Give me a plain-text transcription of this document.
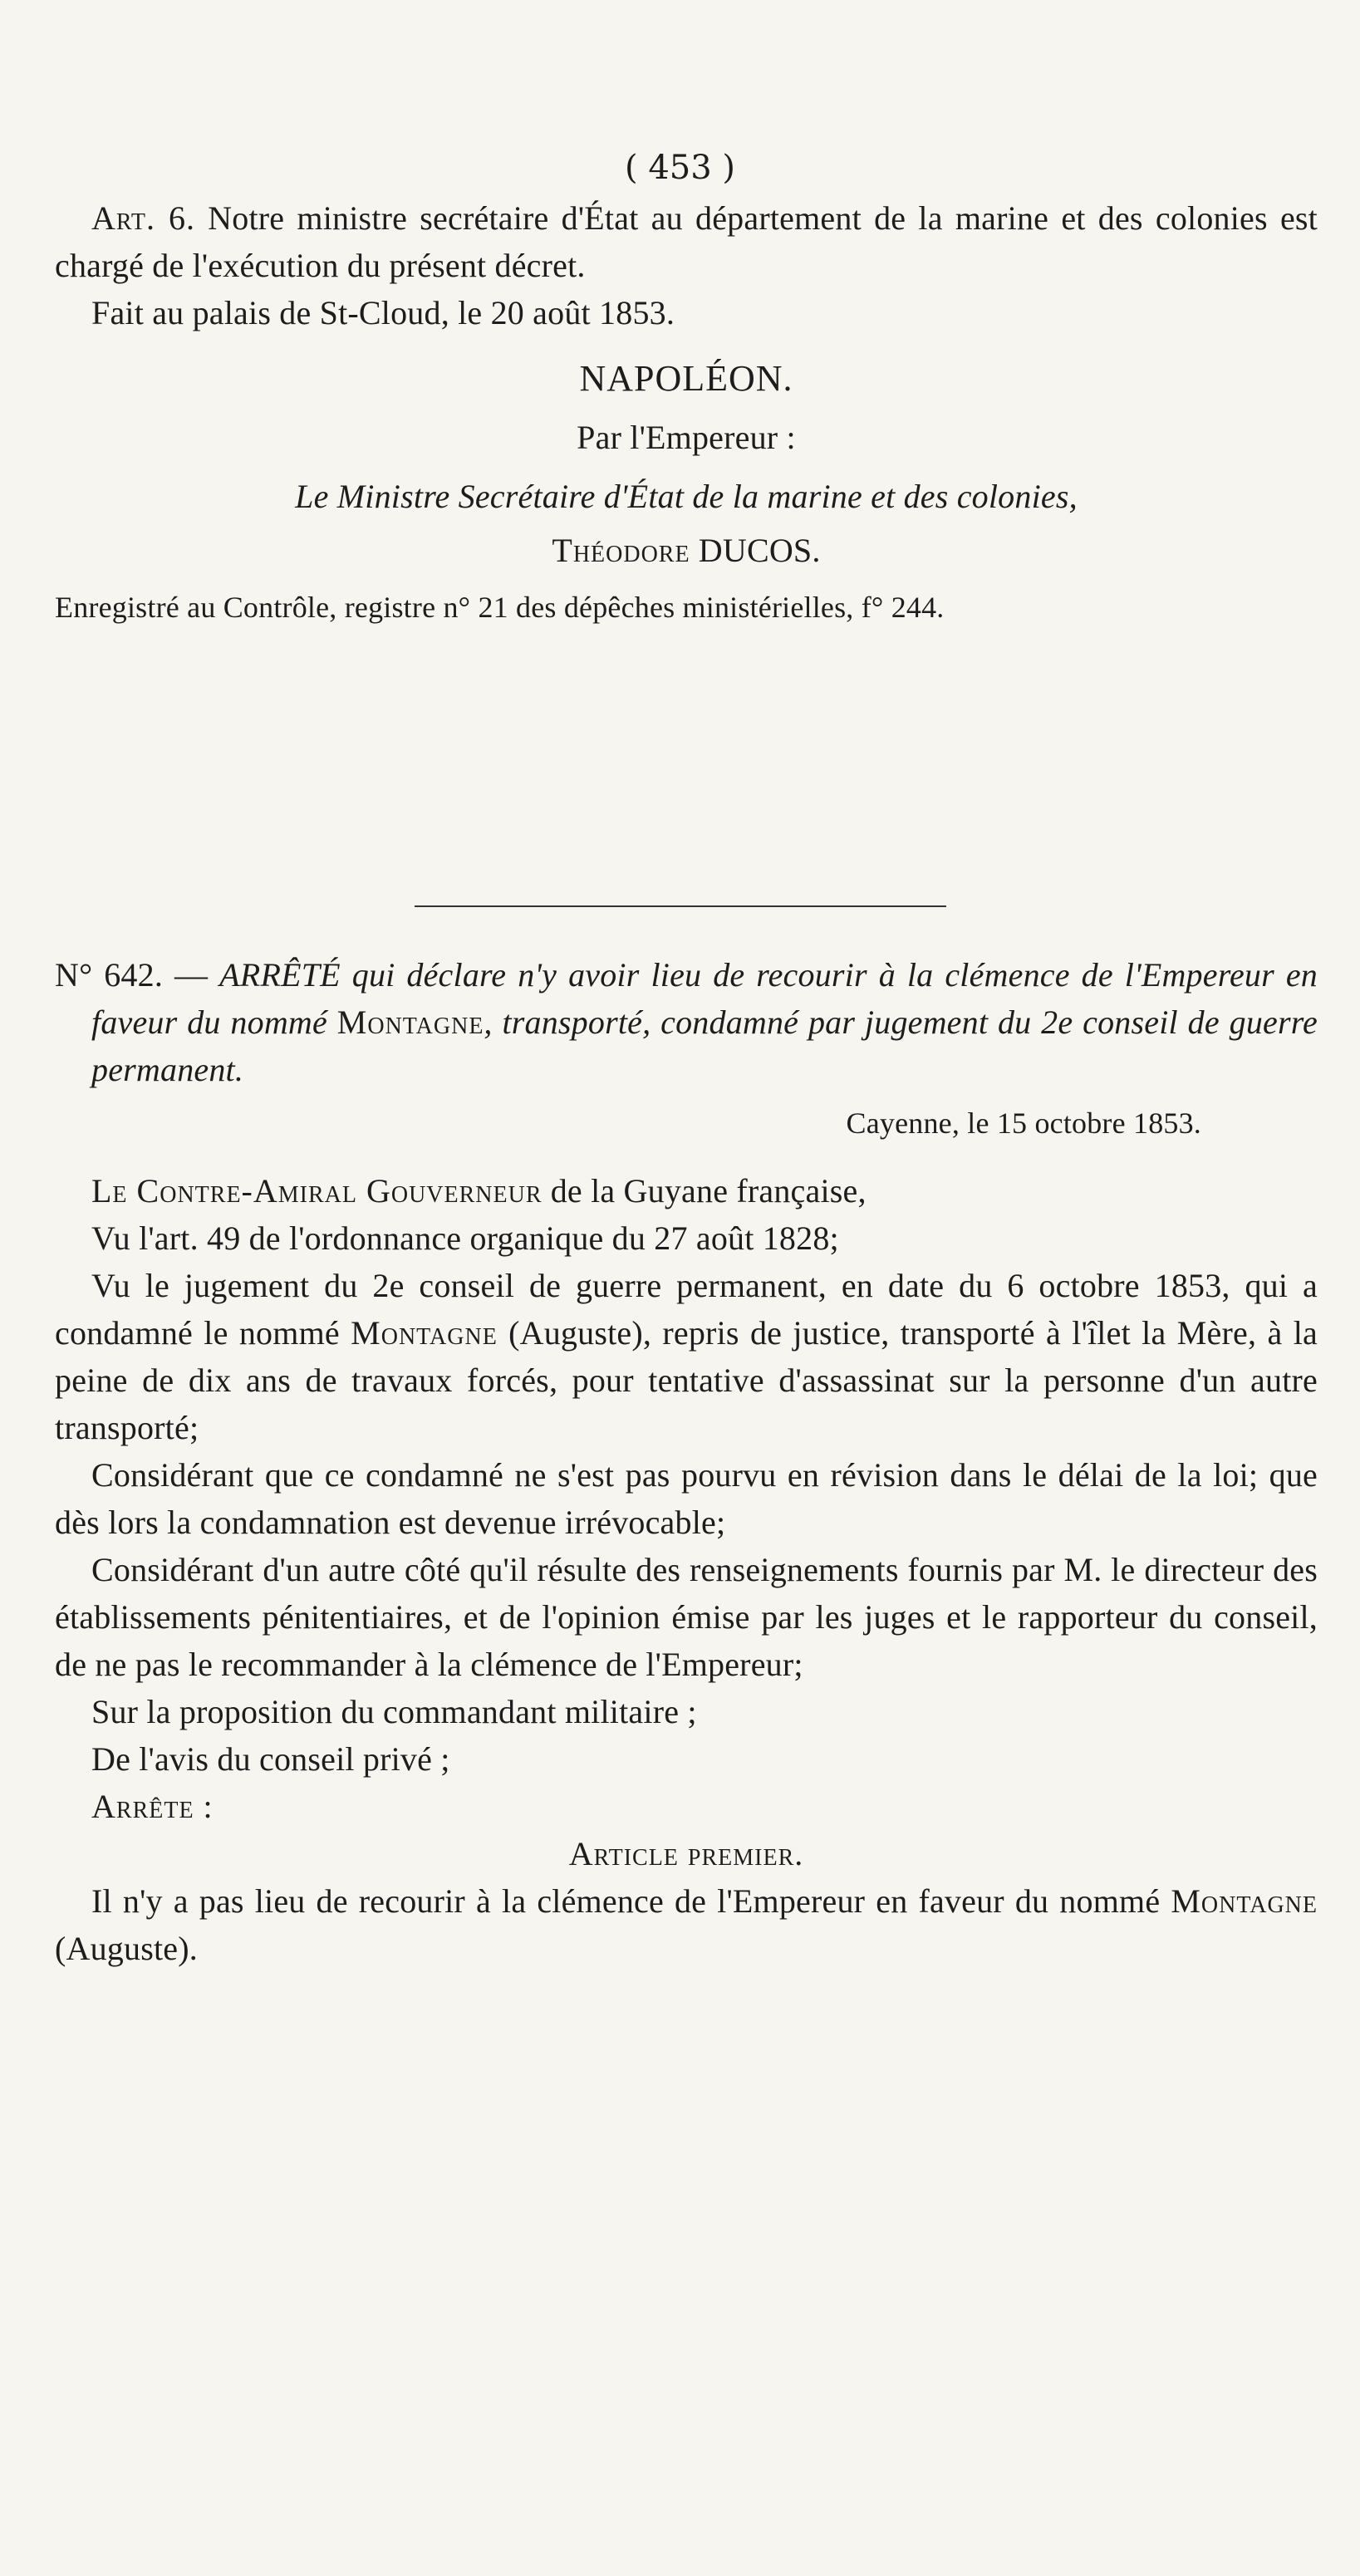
( 453 )

Art. 6. Notre ministre secrétaire d'État au département de la marine et des colonies est chargé de l'exécution du présent décret.

Fait au palais de St-Cloud, le 20 août 1853.

NAPOLÉON.

Par l'Empereur :

Le Ministre Secrétaire d'État de la marine et des colonies,

Théodore DUCOS.

Enregistré au Contrôle, registre n° 21 des dépêches ministérielles, f° 244.

N° 642. — ARRÊTÉ qui déclare n'y avoir lieu de recourir à la clémence de l'Empereur en faveur du nommé Montagne, transporté, condamné par jugement du 2e conseil de guerre permanent.

Cayenne, le 15 octobre 1853.

Le Contre-Amiral Gouverneur de la Guyane française,

Vu l'art. 49 de l'ordonnance organique du 27 août 1828;

Vu le jugement du 2e conseil de guerre permanent, en date du 6 octobre 1853, qui a condamné le nommé Montagne (Auguste), repris de justice, transporté à l'îlet la Mère, à la peine de dix ans de travaux forcés, pour tentative d'assassinat sur la personne d'un autre transporté;

Considérant que ce condamné ne s'est pas pourvu en révision dans le délai de la loi; que dès lors la condamnation est devenue irrévocable;

Considérant d'un autre côté qu'il résulte des renseignements fournis par M. le directeur des établissements pénitentiaires, et de l'opinion émise par les juges et le rapporteur du conseil, de ne pas le recommander à la clémence de l'Empereur;

Sur la proposition du commandant militaire ;

De l'avis du conseil privé ;

Arrête :

Article premier.

Il n'y a pas lieu de recourir à la clémence de l'Empereur en faveur du nommé Montagne (Auguste).
